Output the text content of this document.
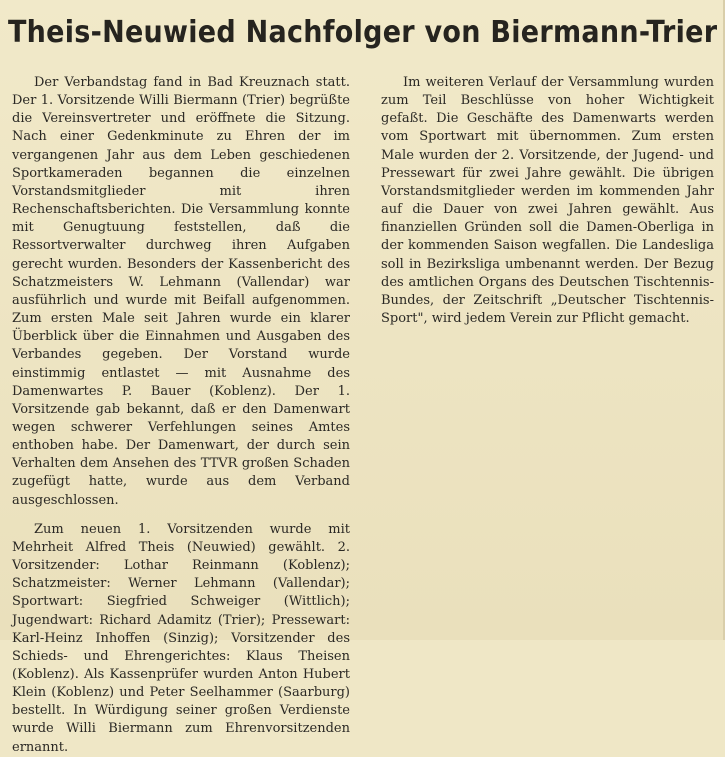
Theis-Neuwied Nachfolger von Biermann-Trier

Der Verbandstag fand in Bad Kreuznach statt. Der 1. Vorsitzende Willi Biermann (Trier) begrüßte die Vereinsvertreter und eröffnete die Sitzung. Nach einer Gedenkminute zu Ehren der im vergangenen Jahr aus dem Leben geschiedenen Sportkameraden begannen die einzelnen Vorstandsmitglieder mit ihren Rechenschaftsberichten. Die Versammlung konnte mit Genugtuung feststellen, daß die Ressortverwalter durchweg ihren Aufgaben gerecht wurden. Besonders der Kassenbericht des Schatzmeisters W. Lehmann (Vallendar) war ausführlich und wurde mit Beifall aufgenommen. Zum ersten Male seit Jahren wurde ein klarer Überblick über die Einnahmen und Ausgaben des Verbandes gegeben. Der Vorstand wurde einstimmig entlastet — mit Ausnahme des Damenwartes P. Bauer (Koblenz). Der 1. Vorsitzende gab bekannt, daß er den Damenwart wegen schwerer Verfehlungen seines Amtes enthoben habe. Der Damenwart, der durch sein Verhalten dem Ansehen des TTVR großen Schaden zugefügt hatte, wurde aus dem Verband ausgeschlossen.

Zum neuen 1. Vorsitzenden wurde mit Mehrheit Alfred Theis (Neuwied) gewählt. 2. Vorsitzender: Lothar Reinmann (Koblenz); Schatzmeister: Werner Lehmann (Vallendar); Sportwart: Siegfried Schweiger (Wittlich); Jugendwart: Richard Adamitz (Trier); Pressewart: Karl-Heinz Inhoffen (Sinzig); Vorsitzender des Schieds- und Ehrengerichtes: Klaus Theisen (Koblenz). Als Kassenprüfer wurden Anton Hubert Klein (Koblenz) und Peter Seelhammer (Saarburg) bestellt. In Würdigung seiner großen Verdienste wurde Willi Biermann zum Ehrenvorsitzenden ernannt.

Im weiteren Verlauf der Versammlung wurden zum Teil Beschlüsse von hoher Wichtigkeit gefaßt. Die Geschäfte des Damenwarts werden vom Sportwart mit übernommen. Zum ersten Male wurden der 2. Vorsitzende, der Jugend- und Pressewart für zwei Jahre gewählt. Die übrigen Vorstandsmitglieder werden im kommenden Jahr auf die Dauer von zwei Jahren gewählt. Aus finanziellen Gründen soll die Damen-Oberliga in der kommenden Saison wegfallen. Die Landesliga soll in Bezirksliga umbenannt werden. Der Bezug des amtlichen Organs des Deutschen Tischtennis-Bundes, der Zeitschrift „Deutscher Tischtennis-Sport", wird jedem Verein zur Pflicht gemacht.
